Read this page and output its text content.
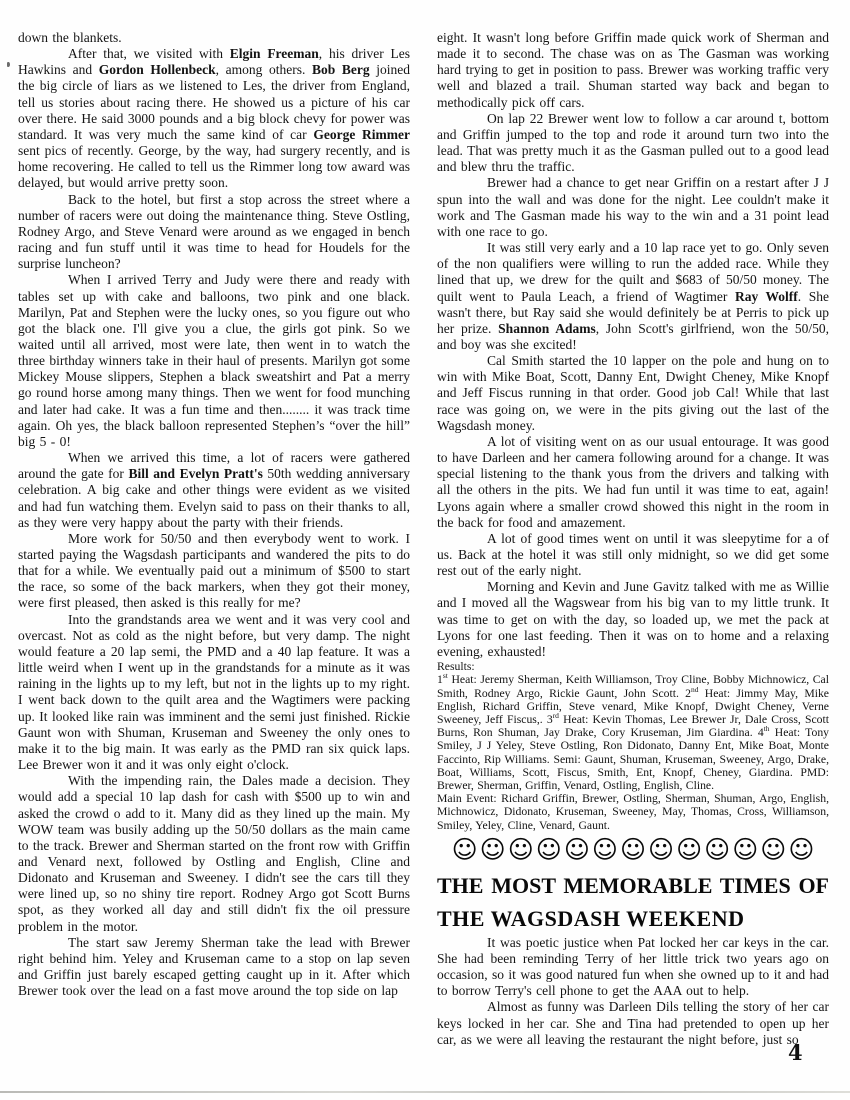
down the blankets.

After that, we visited with Elgin Freeman, his driver Les Hawkins and Gordon Hollenbeck, among others. Bob Berg joined the big circle of liars as we listened to Les, the driver from England, tell us stories about racing there. He showed us a picture of his car over there. He said 3000 pounds and a big block chevy for power was standard. It was very much the same kind of car George Rimmer sent pics of recently. George, by the way, had surgery recently, and is home recovering. He called to tell us the Rimmer long tow award was delayed, but would arrive pretty soon.

Back to the hotel, but first a stop across the street where a number of racers were out doing the maintenance thing. Steve Ostling, Rodney Argo, and Steve Venard were around as we engaged in bench racing and fun stuff until it was time to head for Houdels for the surprise luncheon?

When I arrived Terry and Judy were there and ready with tables set up with cake and balloons, two pink and one black. Marilyn, Pat and Stephen were the lucky ones, so you figure out who got the black one. I'll give you a clue, the girls got pink. So we waited until all arrived, most were late, then went in to watch the three birthday winners take in their haul of presents. Marilyn got some Mickey Mouse slippers, Stephen a black sweatshirt and Pat a merry go round horse among many things. Then we went for food munching and later had cake. It was a fun time and then........ it was track time again. Oh yes, the black balloon represented Stephen’s “over the hill” big 5 - 0!

When we arrived this time, a lot of racers were gathered around the gate for Bill and Evelyn Pratt's 50th wedding anniversary celebration. A big cake and other things were evident as we visited and had fun watching them. Evelyn said to pass on their thanks to all, as they were very happy about the party with their friends.

More work for 50/50 and then everybody went to work. I started paying the Wagsdash participants and wandered the pits to do that for a while. We eventually paid out a minimum of $500 to start the race, so some of the back markers, when they got their money, were first pleased, then asked is this really for me?

Into the grandstands area we went and it was very cool and overcast. Not as cold as the night before, but very damp. The night would feature a 20 lap semi, the PMD and a 40 lap feature. It was a little weird when I went up in the grandstands for a minute as it was raining in the lights up to my left, but not in the lights up to my right. I went back down to the quilt area and the Wagtimers were packing up. It looked like rain was imminent and the semi just finished. Rickie Gaunt won with Shuman, Kruseman and Sweeney the only ones to make it to the big main. It was early as the PMD ran six quick laps. Lee Brewer won it and it was only eight o'clock.

With the impending rain, the Dales made a decision. They would add a special 10 lap dash for cash with $500 up to win and asked the crowd o add to it. Many did as they lined up the main. My WOW team was busily adding up the 50/50 dollars as the main came to the track. Brewer and Sherman started on the front row with Griffin and Venard next, followed by Ostling and English, Cline and Didonato and Kruseman and Sweeney. I didn't see the cars till they were lined up, so no shiny tire report. Rodney Argo got Scott Burns spot, as they worked all day and still didn't fix the oil pressure problem in the motor.

The start saw Jeremy Sherman take the lead with Brewer right behind him. Yeley and Kruseman came to a stop on lap seven and Griffin just barely escaped getting caught up in it. After which Brewer took over the lead on a fast move around the top side on lap

eight. It wasn't long before Griffin made quick work of Sherman and made it to second. The chase was on as The Gasman was working hard trying to get in position to pass. Brewer was working traffic very well and blazed a trail. Shuman started way back and began to methodically pick off cars.

On lap 22 Brewer went low to follow a car around t, bottom and Griffin jumped to the top and rode it around turn two into the lead. That was pretty much it as the Gasman pulled out to a good lead and blew thru the traffic.

Brewer had a chance to get near Griffin on a restart after J J spun into the wall and was done for the night. Lee couldn't make it work and The Gasman made his way to the win and a 31 point lead with one race to go.

It was still very early and a 10 lap race yet to go. Only seven of the non qualifiers were willing to run the added race. While they lined that up, we drew for the quilt and $683 of 50/50 money. The quilt went to Paula Leach, a friend of Wagtimer Ray Wolff. She wasn't there, but Ray said she would definitely be at Perris to pick up her prize. Shannon Adams, John Scott's girlfriend, won the 50/50, and boy was she excited!

Cal Smith started the 10 lapper on the pole and hung on to win with Mike Boat, Scott, Danny Ent, Dwight Cheney, Mike Knopf and Jeff Fiscus running in that order. Good job Cal! While that last race was going on, we were in the pits giving out the last of the Wagsdash money.

A lot of visiting went on as our usual entourage. It was good to have Darleen and her camera following around for a change. It was special listening to the thank yous from the drivers and talking with all the others in the pits. We had fun until it was time to eat, again! Lyons again where a smaller crowd showed this night in the room in the back for food and amazement.

A lot of good times went on until it was sleepytime for a of us. Back at the hotel it was still only midnight, so we did get some rest out of the early night.

Morning and Kevin and June Gavitz talked with me as Willie and I moved all the Wagswear from his big van to my little trunk. It was time to get on with the day, so loaded up, we met the pack at Lyons for one last feeding. Then it was on to home and a relaxing evening, exhausted!

Results:

1st Heat: Jeremy Sherman, Keith Williamson, Troy Cline, Bobby Michnowicz, Cal Smith, Rodney Argo, Rickie Gaunt, John Scott. 2nd Heat: Jimmy May, Mike English, Richard Griffin, Steve venard, Mike Knopf, Dwight Cheney, Verne Sweeney, Jeff Fiscus,. 3rd Heat: Kevin Thomas, Lee Brewer Jr, Dale Cross, Scott Burns, Ron Shuman, Jay Drake, Cory Kruseman, Jim Giardina. 4th Heat: Tony Smiley, J J Yeley, Steve Ostling, Ron Didonato, Danny Ent, Mike Boat, Monte Faccinto, Rip Williams. Semi: Gaunt, Shuman, Kruseman, Sweeney, Argo, Drake, Boat, Williams, Scott, Fiscus, Smith, Ent, Knopf, Cheney, Giardina. PMD: Brewer, Sherman, Griffin, Venard, Ostling, English, Cline.

Main Event: Richard Griffin, Brewer, Ostling, Sherman, Shuman, Argo, English, Michnowicz, Didonato, Kruseman, Sweeney, May, Thomas, Cross, Williamson, Smiley, Yeley, Cline, Venard, Gaunt.

☺☺☺☺☺☺☺☺☺☺☺☺☺
THE MOST MEMORABLE TIMES OF
THE WAGSDASH WEEKEND

It was poetic justice when Pat locked her car keys in the car. She had been reminding Terry of her little trick two years ago on occasion, so it was good natured fun when she owned up to it and had to borrow Terry's cell phone to get the AAA out to help.

Almost as funny was Darleen Dils telling the story of her car keys locked in her car. She and Tina had pretended to open up her car, as we were all leaving the restaurant the night before, just so

4
